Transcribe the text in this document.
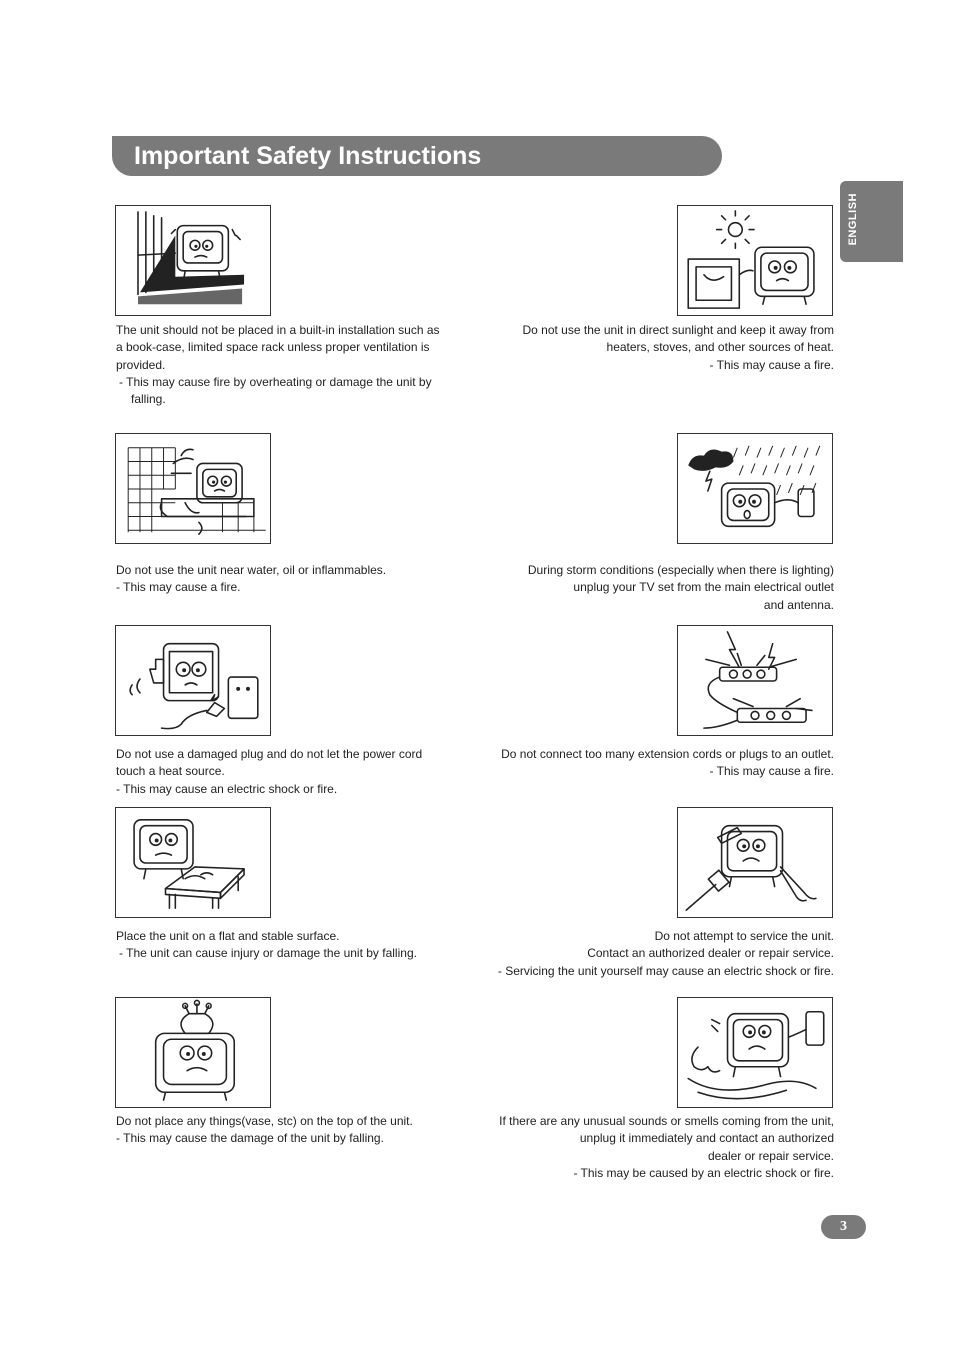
Important Safety Instructions
ENGLISH
The unit should not be placed in a built-in installation such as
a book-case, limited space rack unless proper ventilation is
provided.
- This may cause fire by overheating or damage the unit by
falling.
Do not use the unit in direct sunlight and keep it away from
heaters, stoves, and other sources of heat.
- This may cause a fire.
Do not use the unit near water, oil or inflammables.
- This may cause a fire.
During storm conditions (especially when there is lighting)
unplug your TV set from the main electrical outlet
and antenna.
Do not use a damaged plug and do not let the power cord
touch a heat source.
- This may cause an electric shock or fire.
Do not connect too many extension cords or plugs to an outlet.
- This may cause a fire.
Place the unit on a flat and stable surface.
- The unit can cause injury or damage the unit by falling.
Do not attempt to service the unit.
Contact an authorized dealer or repair service.
- Servicing the unit yourself may cause an electric shock or fire.
Do not place any things(vase, stc) on the top of the unit.
- This may cause the damage of the unit by falling.
If there are any unusual sounds or smells coming from the unit,
unplug it immediately and contact an authorized
dealer or repair service.
- This may be caused by an electric shock or fire.
3
